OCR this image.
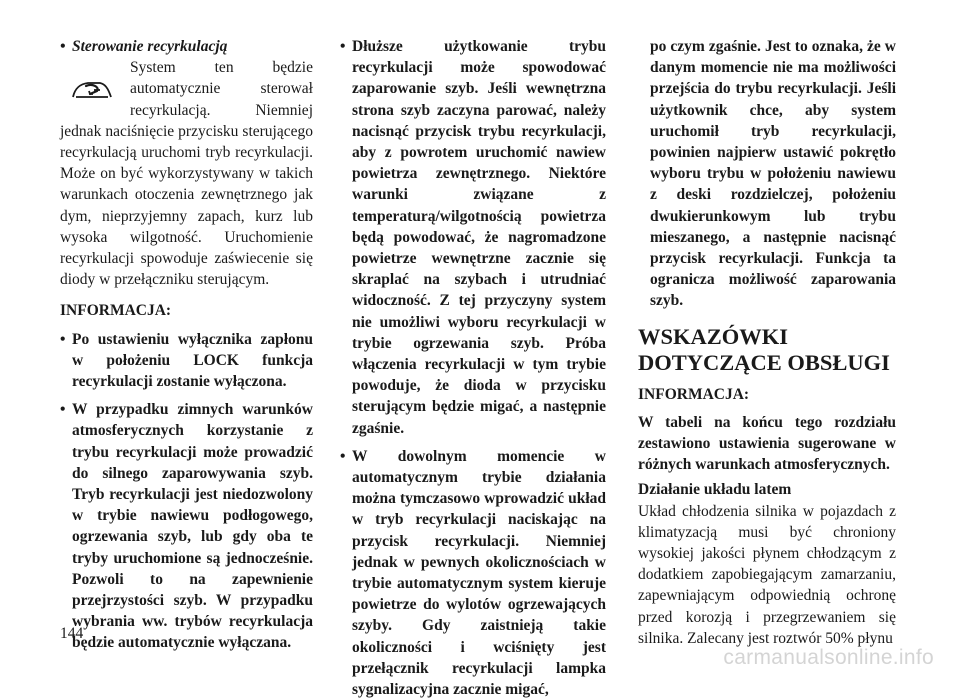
• Sterowanie recyrkulacją

System ten będzie automatycznie sterował recyrkulacją. Niemniej jednak naciśnięcie przycisku sterującego recyrkulacją uruchomi tryb recyrkulacji. Może on być wykorzystywany w takich warunkach otoczenia zewnętrznego jak dym, nieprzyjemny zapach, kurz lub wysoka wilgotność. Uruchomienie recyrkulacji spowoduje zaświecenie się diody w przełączniku sterującym.

INFORMACJA:

• Po ustawieniu wyłącznika zapłonu w położeniu LOCK funkcja recyrkulacji zostanie wyłączona.

• W przypadku zimnych warunków atmosferycznych korzystanie z trybu recyrkulacji może prowadzić do silnego zaparowywania szyb. Tryb recyrkulacji jest niedozwolony w trybie nawiewu podłogowego, ogrzewania szyb, lub gdy oba te tryby uruchomione są jednocześnie. Pozwoli to na zapewnienie przejrzystości szyb. W przypadku wybrania ww. trybów recyrkulacja będzie automatycznie wyłączana.

• Dłuższe użytkowanie trybu recyrkulacji może spowodować zaparowanie szyb. Jeśli wewnętrzna strona szyb zaczyna parować, należy nacisnąć przycisk trybu recyrkulacji, aby z powrotem uruchomić nawiew powietrza zewnętrznego. Niektóre warunki związane z temperaturą/wilgotnością powietrza będą powodować, że nagromadzone powietrze wewnętrzne zacznie się skraplać na szybach i utrudniać widoczność. Z tej przyczyny system nie umożliwi wyboru recyrkulacji w trybie ogrzewania szyb. Próba włączenia recyrkulacji w tym trybie powoduje, że dioda w przycisku sterującym będzie migać, a następnie zgaśnie.

• W dowolnym momencie w automatycznym trybie działania można tymczasowo wprowadzić układ w tryb recyrkulacji naciskając na przycisk recyrkulacji. Niemniej jednak w pewnych okolicznościach w trybie automatycznym system kieruje powietrze do wylotów ogrzewających szyby. Gdy zaistnieją takie okoliczności i wciśnięty jest przełącznik recyrkulacji lampka sygnalizacyjna zacznie migać,

po czym zgaśnie. Jest to oznaka, że w danym momencie nie ma możliwości przejścia do trybu recyrkulacji. Jeśli użytkownik chce, aby system uruchomił tryb recyrkulacji, powinien najpierw ustawić pokrętło wyboru trybu w położeniu nawiewu z deski rozdzielczej, położeniu dwukierunkowym lub trybu mieszanego, a następnie nacisnąć przycisk recyrkulacji. Funkcja ta ogranicza możliwość zaparowania szyb.

WSKAZÓWKI DOTYCZĄCE OBSŁUGI

INFORMACJA:

W tabeli na końcu tego rozdziału zestawiono ustawienia sugerowane w różnych warunkach atmosferycznych.

Działanie układu latem

Układ chłodzenia silnika w pojazdach z klimatyzacją musi być chroniony wysokiej jakości płynem chłodzącym z dodatkiem zapobiegającym zamarzaniu, zapewniającym odpowiednią ochronę przed korozją i przegrzewaniem się silnika. Zalecany jest roztwór 50% płynu

144
carmanualsonline.info
